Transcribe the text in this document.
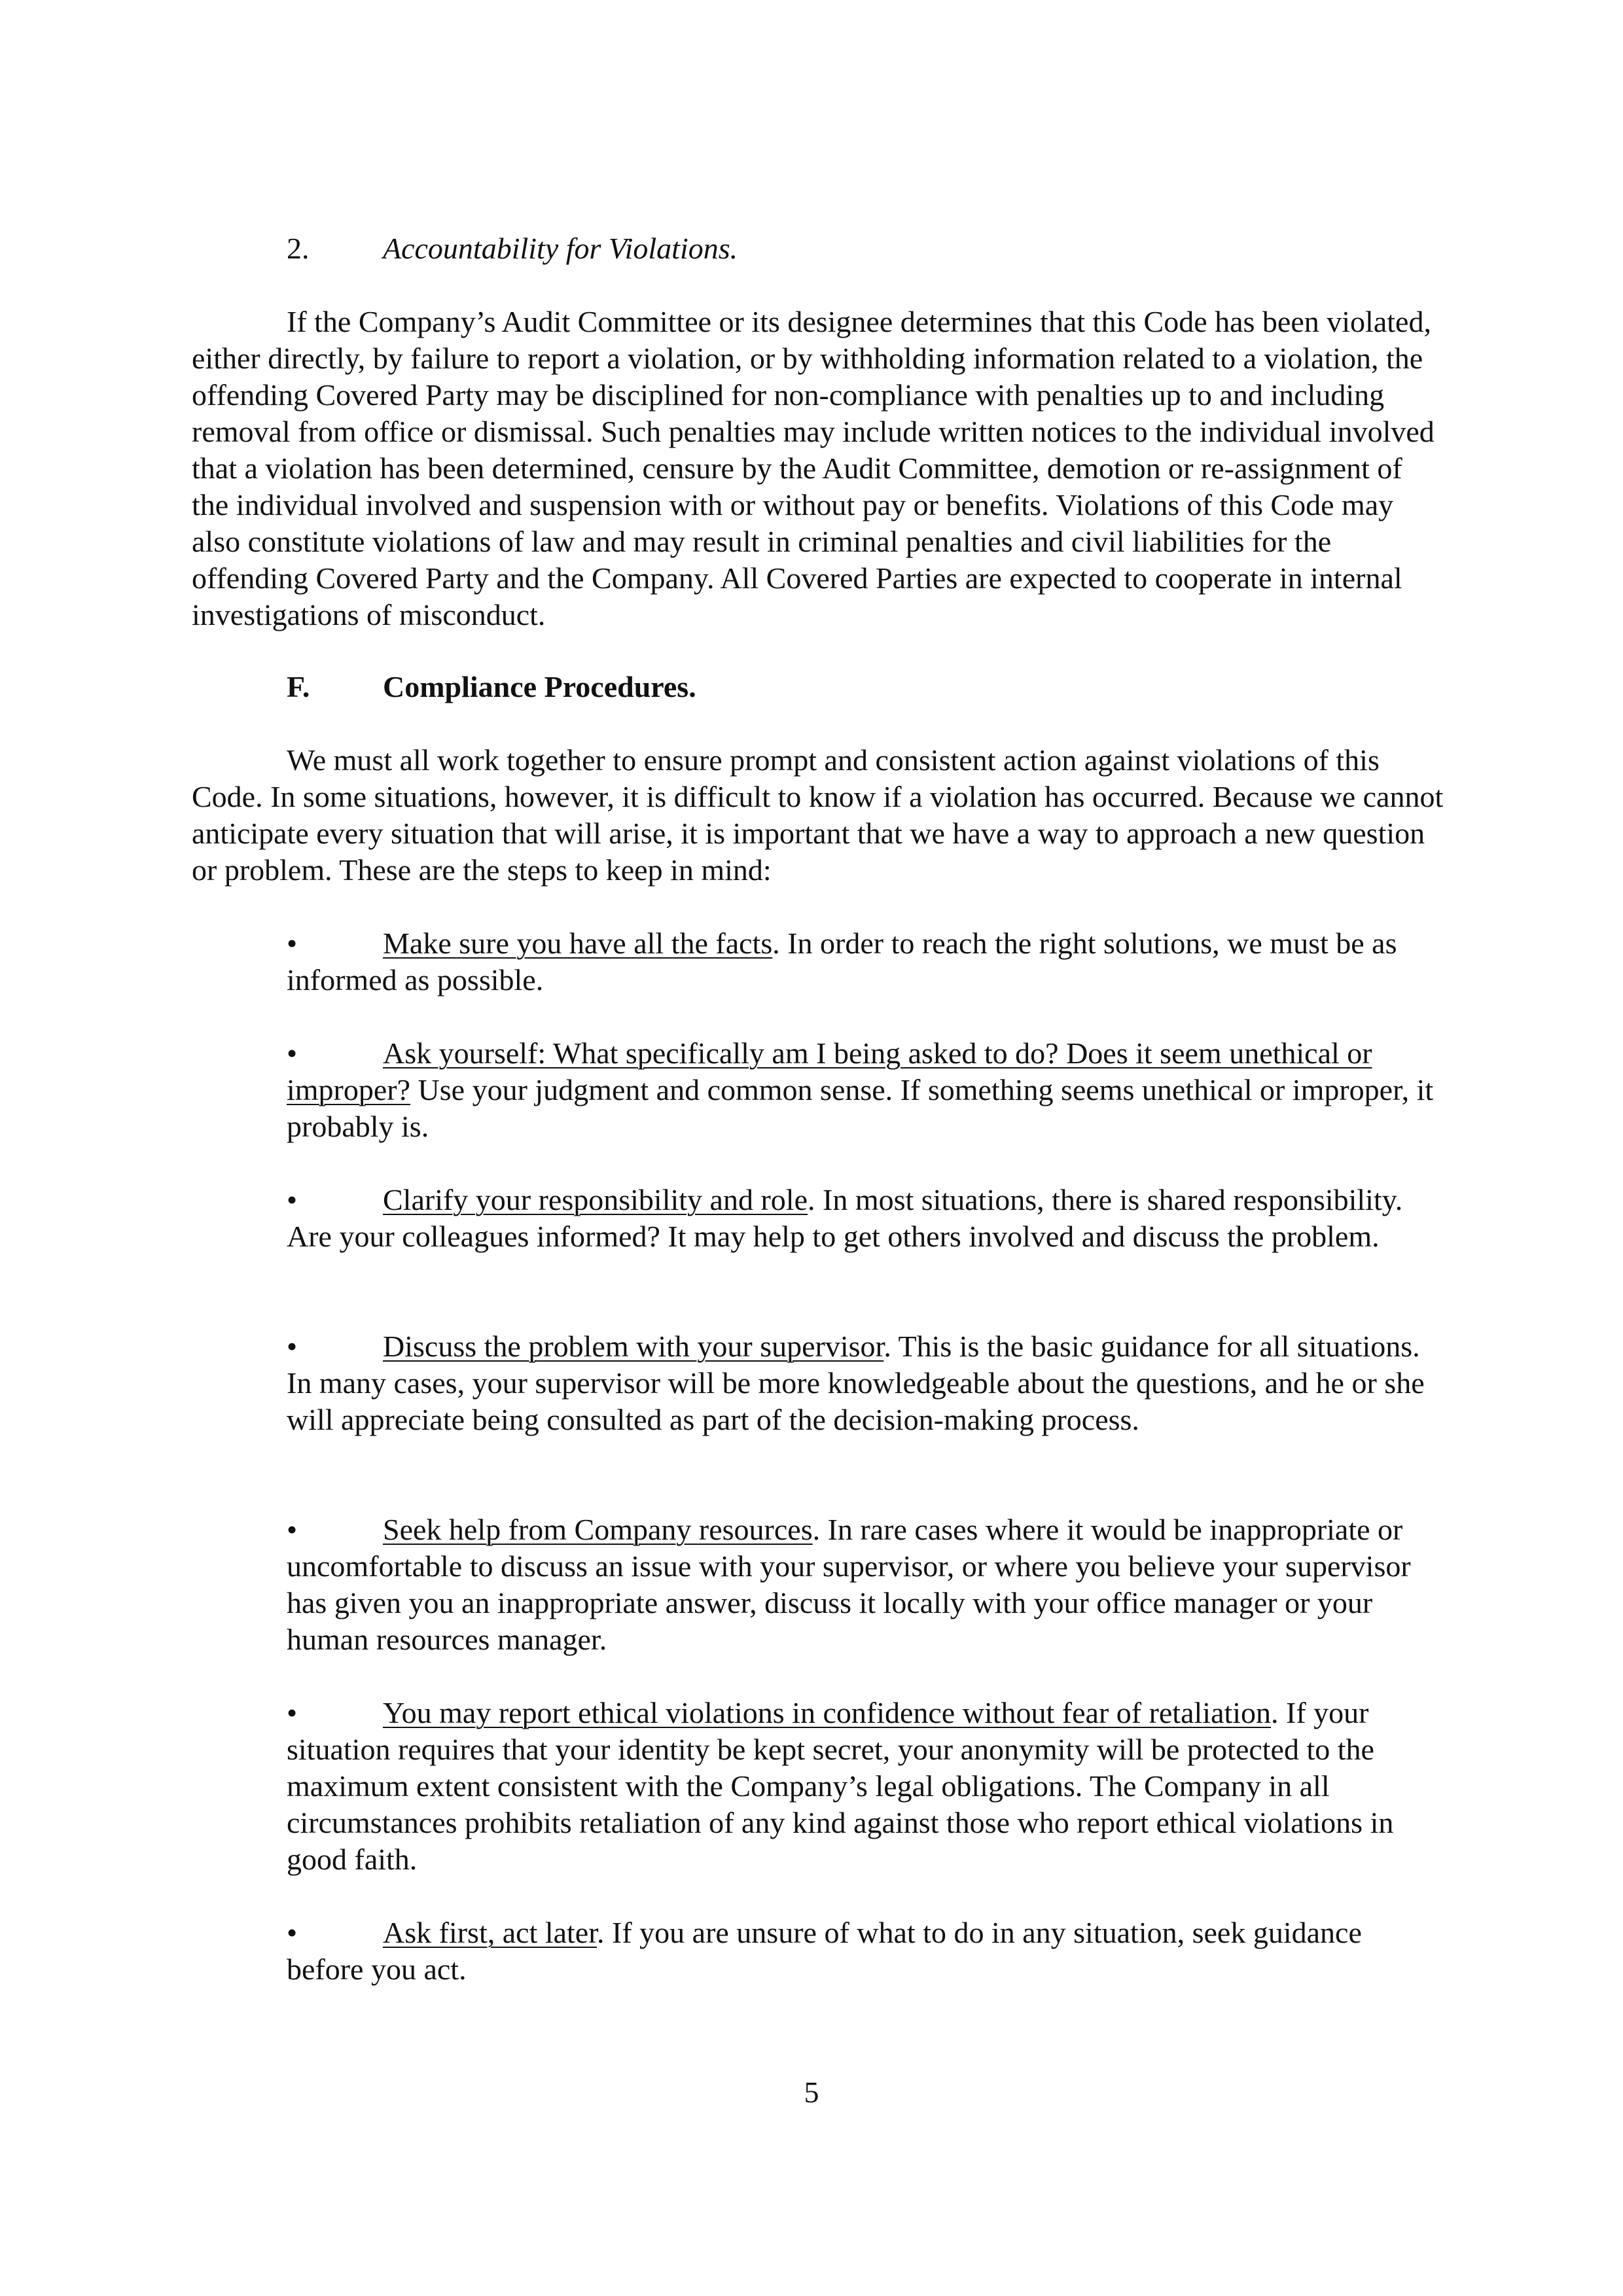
2. Accountability for Violations.

If the Company’s Audit Committee or its designee determines that this Code has been violated, either directly, by failure to report a violation, or by withholding information related to a violation, the offending Covered Party may be disciplined for non-compliance with penalties up to and including removal from office or dismissal. Such penalties may include written notices to the individual involved that a violation has been determined, censure by the Audit Committee, demotion or re-assignment of the individual involved and suspension with or without pay or benefits. Violations of this Code may also constitute violations of law and may result in criminal penalties and civil liabilities for the offending Covered Party and the Company. All Covered Parties are expected to cooperate in internal investigations of misconduct.

F. Compliance Procedures.

We must all work together to ensure prompt and consistent action against violations of this Code. In some situations, however, it is difficult to know if a violation has occurred. Because we cannot anticipate every situation that will arise, it is important that we have a way to approach a new question or problem. These are the steps to keep in mind:

•	Make sure you have all the facts. In order to reach the right solutions, we must be as informed as possible.

•	Ask yourself: What specifically am I being asked to do? Does it seem unethical or improper? Use your judgment and common sense. If something seems unethical or improper, it probably is.

•	Clarify your responsibility and role. In most situations, there is shared responsibility. Are your colleagues informed? It may help to get others involved and discuss the problem.

•	Discuss the problem with your supervisor. This is the basic guidance for all situations. In many cases, your supervisor will be more knowledgeable about the questions, and he or she will appreciate being consulted as part of the decision-making process.

•	Seek help from Company resources. In rare cases where it would be inappropriate or uncomfortable to discuss an issue with your supervisor, or where you believe your supervisor has given you an inappropriate answer, discuss it locally with your office manager or your human resources manager.

•	You may report ethical violations in confidence without fear of retaliation. If your situation requires that your identity be kept secret, your anonymity will be protected to the maximum extent consistent with the Company’s legal obligations. The Company in all circumstances prohibits retaliation of any kind against those who report ethical violations in good faith.

•	Ask first, act later. If you are unsure of what to do in any situation, seek guidance before you act.

5
